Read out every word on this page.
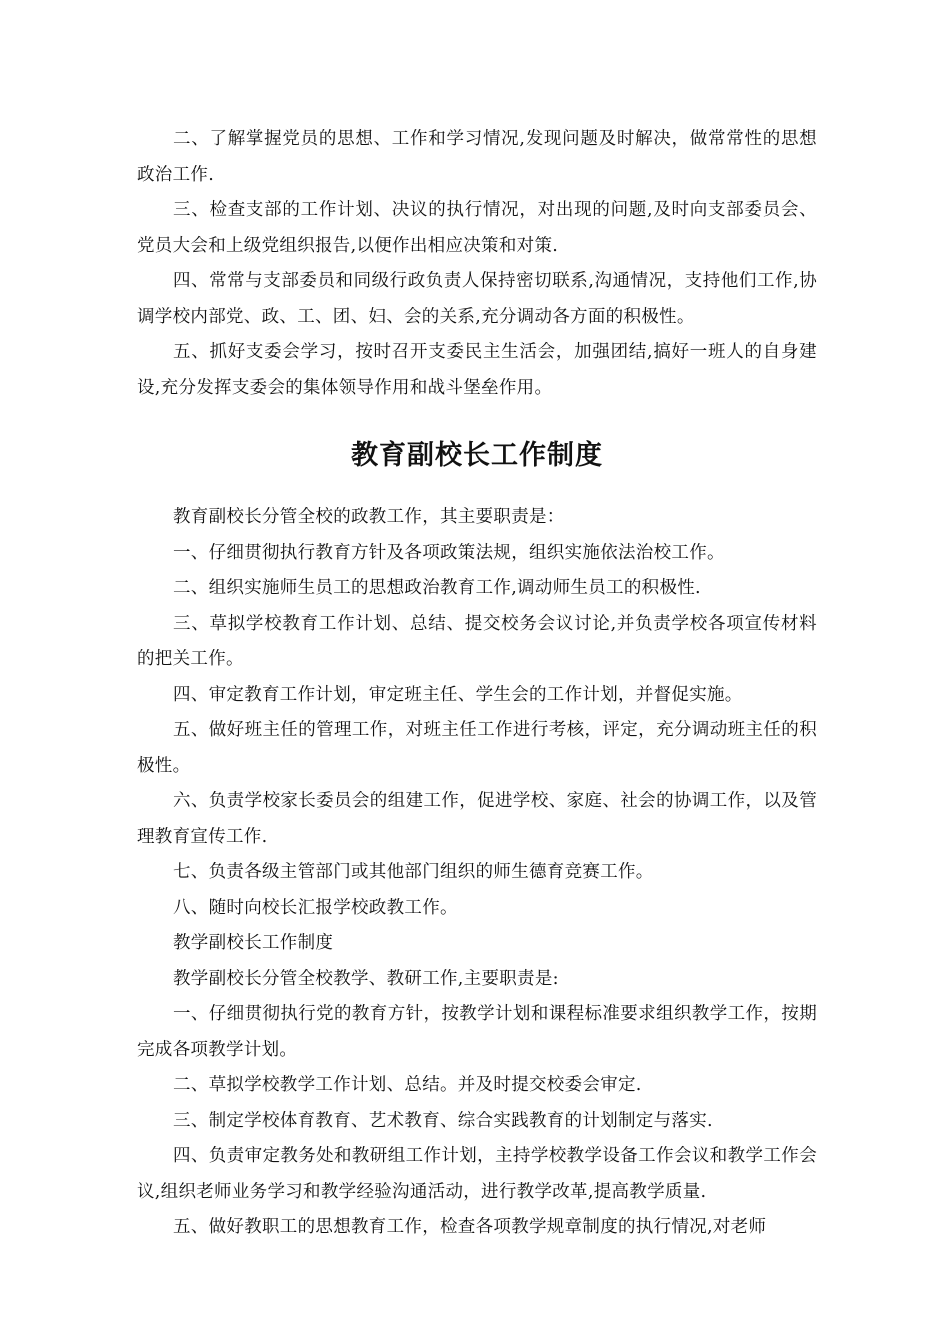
二、了解掌握党员的思想、工作和学习情况,发现问题及时解决，做常常性的思想政治工作.

三、检查支部的工作计划、决议的执行情况，对出现的问题,及时向支部委员会、党员大会和上级党组织报告,以便作出相应决策和对策.

四、常常与支部委员和同级行政负责人保持密切联系,沟通情况，支持他们工作,协调学校内部党、政、工、团、妇、会的关系,充分调动各方面的积极性。

五、抓好支委会学习，按时召开支委民主生活会，加强团结,搞好一班人的自身建设,充分发挥支委会的集体领导作用和战斗堡垒作用。

教育副校长工作制度

教育副校长分管全校的政教工作，其主要职责是：

一、仔细贯彻执行教育方针及各项政策法规，组织实施依法治校工作。

二、组织实施师生员工的思想政治教育工作,调动师生员工的积极性.

三、草拟学校教育工作计划、总结、提交校务会议讨论,并负责学校各项宣传材料的把关工作。

四、审定教育工作计划，审定班主任、学生会的工作计划，并督促实施。

五、做好班主任的管理工作，对班主任工作进行考核，评定，充分调动班主任的积极性。

六、负责学校家长委员会的组建工作，促进学校、家庭、社会的协调工作，以及管理教育宣传工作.

七、负责各级主管部门或其他部门组织的师生德育竞赛工作。

八、随时向校长汇报学校政教工作。

教学副校长工作制度

教学副校长分管全校教学、教研工作,主要职责是:

一、仔细贯彻执行党的教育方针，按教学计划和课程标准要求组织教学工作，按期完成各项教学计划。

二、草拟学校教学工作计划、总结。并及时提交校委会审定.

三、制定学校体育教育、艺术教育、综合实践教育的计划制定与落实.

四、负责审定教务处和教研组工作计划，主持学校教学设备工作会议和教学工作会议,组织老师业务学习和教学经验沟通活动，进行教学改革,提高教学质量.

五、做好教职工的思想教育工作，检查各项教学规章制度的执行情况,对老师
